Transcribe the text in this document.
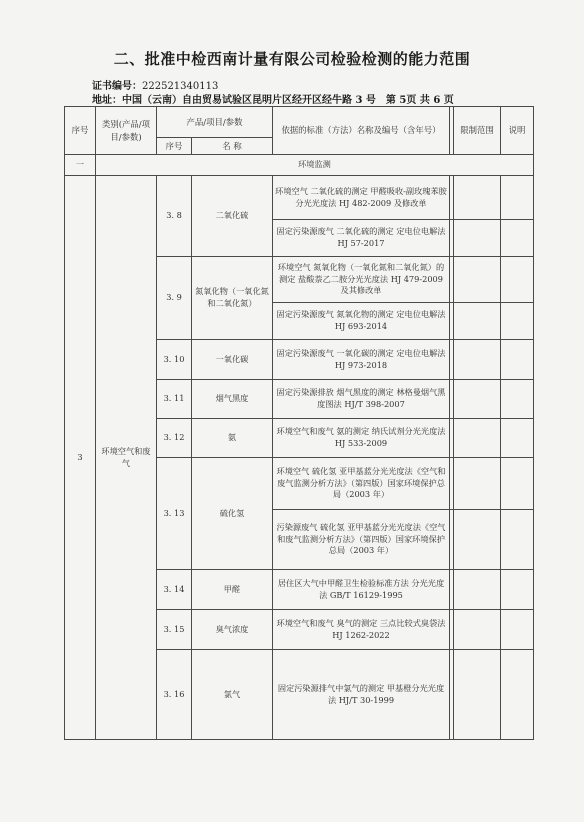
二、批准中检西南计量有限公司检验检测的能力范围
证书编号：222521340113
地址：中国（云南）自由贸易试验区昆明片区经开区经牛路 3 号 第 5页 共 6 页
序号	类别(产品/项目/参数)	产品/项目/参数		依据的标准（方法）名称及编号（含年号）		限制范围	说明
		序号	名 称				
一	环境监测						
3	环境空气和废气	3. 8	二氧化硫	环境空气 二氧化硫的测定 甲醛吸收-副玫瑰苯胺分光光度法 HJ 482-2009 及修改单			
				固定污染源废气 二氧化硫的测定 定电位电解法 HJ 57-2017			
		3. 9	氮氧化物（一氧化氮和二氧化氮）	环境空气 氮氧化物（一氧化氮和二氧化氮）的测定 盐酸萘乙二胺分光光度法 HJ 479-2009 及其修改单			
				固定污染源废气 氮氧化物的测定 定电位电解法 HJ 693-2014			
		3. 10	一氧化碳	固定污染源废气 一氧化碳的测定 定电位电解法 HJ 973-2018			
		3. 11	烟气黑度	固定污染源排放 烟气黑度的测定 林格曼烟气黑度图法 HJ/T 398-2007			
		3. 12	氨	环境空气和废气 氨的测定 纳氏试剂分光光度法 HJ 533-2009			
		3. 13	硫化氢	环境空气 硫化氢 亚甲基蓝分光光度法《空气和废气监测分析方法》（第四版）国家环境保护总局（2003 年）			
				污染源废气 硫化氢 亚甲基蓝分光光度法《空气和废气监测分析方法》（第四版）国家环境保护总局（2003 年）			
		3. 14	甲醛	居住区大气中甲醛卫生检验标准方法 分光光度法 GB/T 16129-1995			
		3. 15	臭气浓度	环境空气和废气 臭气的测定 三点比较式臭袋法 HJ 1262-2022			
		3. 16	氯气	固定污染源排气中氯气的测定 甲基橙分光光度法 HJ/T 30-1999			
